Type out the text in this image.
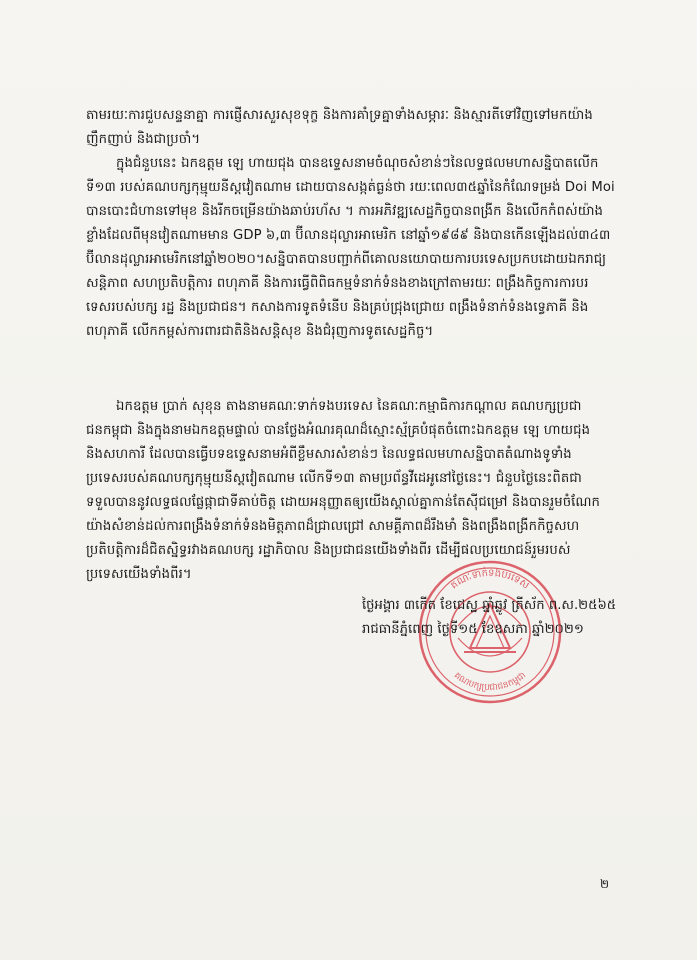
តាមរយៈការជួបសន្ទនាគ្នា ការផ្ញើសារសួរសុខទុក្ខ និងការគាំទ្រគ្នាទាំងសម្ភារៈ និងស្មារតីទៅវិញទៅមកយ៉ាង
ញឹកញាប់ និងជាប្រចាំ។
ក្នុងជំនួបនេះ ឯកឧត្តម ឡេ ហាយជុង បានឧទ្ទេសនាមចំណុចសំខាន់ៗនៃលទ្ធផលមហាសន្និបាតលើក
ទី១៣ របស់គណបក្សកុម្មុយនីស្តវៀតណាម ដោយបានសង្កត់ធ្ងន់ថា រយៈពេល៣៥ឆ្នាំនៃកំណែទម្រង់ Doi Moi
បានបោះជំហានទៅមុខ និងរីកចម្រើនយ៉ាងឆាប់រហ័ស ។ ការអភិវឌ្ឍសេដ្ឋកិច្ចបានពង្រីក និងលើកកំពស់យ៉ាង
ខ្លាំងដែលពីមុនវៀតណាមមាន GDP ៦,៣ ប៊ីលានដុល្លារអាមេរិក នៅឆ្នាំ១៩៨៩ និងបានកើនឡើងដល់៣៤៣
ប៊ីលានដុល្លារអាមេរិកនៅឆ្នាំ២០២០។សន្និបាតបានបញ្ជាក់ពីគោលនយោបាយការបរទេសប្រកបដោយឯករាជ្យ
សន្តិភាព សហប្រតិបត្តិការ ពហុភាគី និងការធ្វើពិពិធកម្មទំនាក់ទំនងខាងក្រៅតាមរយៈ ពង្រឹងកិច្ចការការបរ
ទេសរបស់បក្ស រដ្ឋ និងប្រជាជន។ កសាងការទូតទំនើប និងគ្រប់ជ្រុងជ្រោយ ពង្រឹងទំនាក់ទំនងទ្វេភាគី និង
ពហុភាគី លើកកម្ពស់ការពារជាតិនិងសន្តិសុខ និងជំរុញការទូតសេដ្ឋកិច្ច។
ឯកឧត្តម ប្រាក់ សុខុន តាងនាមគណៈទាក់ទងបរទេស នៃគណៈកម្មាធិការកណ្តាល គណបក្សប្រជា
ជនកម្ពុជា និងក្នុងនាមឯកឧត្តមផ្ទាល់ បានថ្លែងអំណរគុណដ៏ស្មោះស្ម័គ្របំផុតចំពោះឯកឧត្តម ឡេ ហាយជុង
និងសហការី ដែលបានធ្វើបទឧទ្ទេសនាមអំពីខ្លឹមសារសំខាន់ៗ នៃលទ្ធផលមហាសន្និបាតតំណាងទូទាំង
ប្រទេសរបស់គណបក្សកុម្មុយនីស្តវៀតណាម លើកទី១៣ តាមប្រព័ន្ធវីដេអូនៅថ្ងៃនេះ។ ជំនួបថ្ងៃនេះពិតជា
ទទួលបាននូវលទ្ធផលផ្លែផ្កាជាទីគាប់ចិត្ត ដោយអនុញ្ញាតឲ្យយើងស្គាល់គ្នាកាន់តែស៊ីជម្រៅ និងបានរួមចំណែក
យ៉ាងសំខាន់ដល់ការពង្រឹងទំនាក់ទំនងមិត្តភាពដ៏ជ្រាលជ្រៅ សាមគ្គីភាពដ៏រឹងមាំ និងពង្រឹងពង្រីកកិច្ចសហ
ប្រតិបត្តិការដ៏ជិតស្និទ្ធរវាងគណបក្ស រដ្ឋាភិបាល និងប្រជាជនយើងទាំងពីរ ដើម្បីផលប្រយោជន៍រួមរបស់
ប្រទេសយើងទាំងពីរ។
គណៈទាក់ទងបរទេស
គណបក្សប្រជាជនកម្ពុជា
ថ្ងៃអង្គារ ៣កើត ខែជេស្ឋ ឆ្នាំឆ្លូវ ត្រីស័ក ព.ស.២៥៦៥
រាជធានីភ្នំពេញ ថ្ងៃទី១៥ ខែឧសភា ឆ្នាំ២០២១
២
